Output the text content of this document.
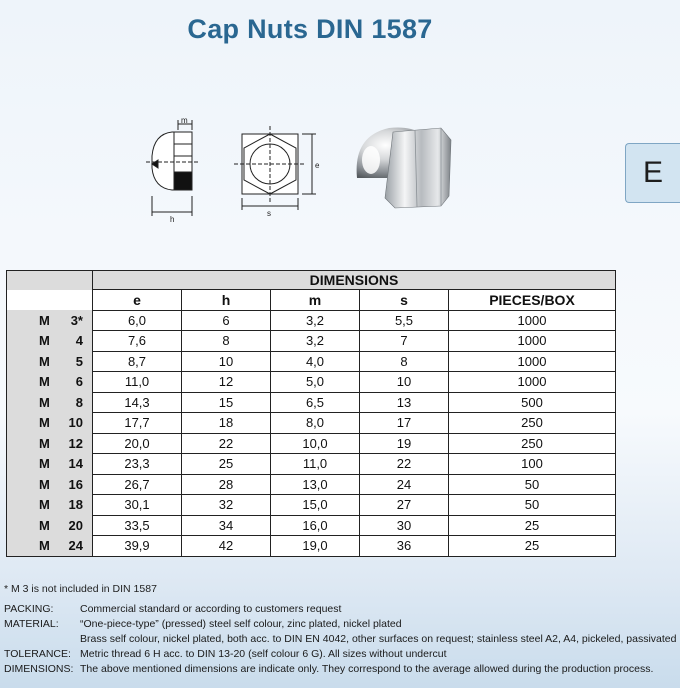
Cap Nuts DIN 1587
E
m
h
s
e
	DIMENSIONS				
	e	h	m	s	PIECES/BOX

M 3*	6,0	6	3,2	5,5	1000

M 4	7,6	8	3,2	7	1000

M 5	8,7	10	4,0	8	1000

M 6	11,0	12	5,0	10	1000

M 8	14,3	15	6,5	13	500

M 10	17,7	18	8,0	17	250

M 12	20,0	22	10,0	19	250

M 14	23,3	25	11,0	22	100

M 16	26,7	28	13,0	24	50

M 18	30,1	32	15,0	27	50

M 20	33,5	34	16,0	30	25

M 24	39,9	42	19,0	36	25
* M 3 is not included in DIN 1587
PACKING:	Commercial standard or according to customers request
MATERIAL:	“One-piece-type” (pressed) steel self colour, zinc plated, nickel plated
Brass self colour, nickel plated, both acc. to DIN EN 4042, other surfaces on request; stainless steel A2, A4, pickeled, passivated
TOLERANCE: Metric thread 6 H acc. to DIN 13-20 (self colour 6 G). All sizes without undercut
DIMENSIONS: The above mentioned dimensions are indicate only. They correspond to the average allowed during the production process.
